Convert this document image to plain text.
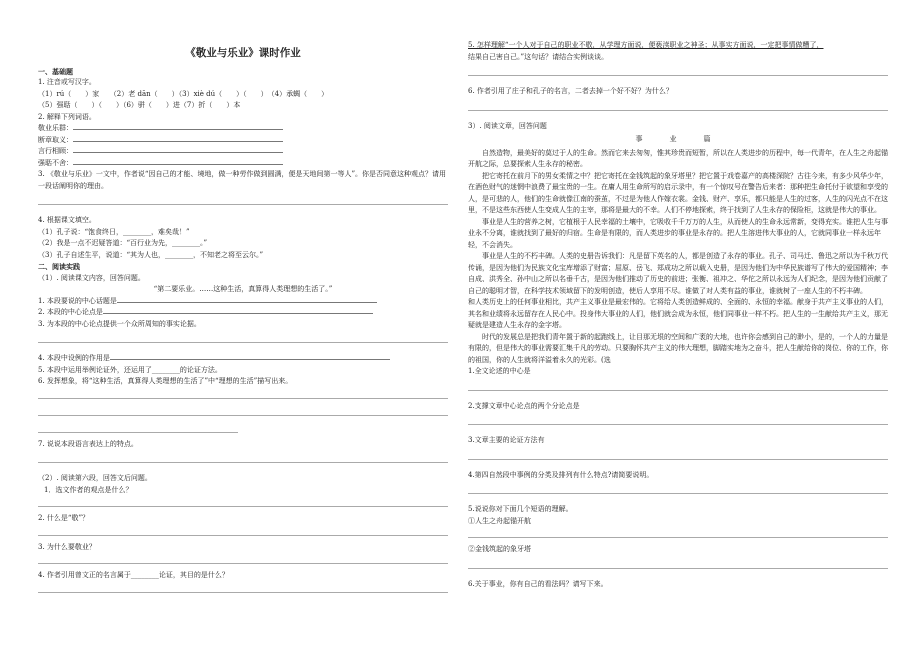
《敬业与乐业》课时作业
一、基础题
1. 注音或写汉字。
（1）rú（　　）家　　（2）老 dān（　　）（3）xiè dú（　　）（　　）　（4）承蜩（　　）
（5）强聒（　　）（　　）（6）骈（　　）进（7）折（　　）本
2. 解释下列词语。
敬业乐群：
断章取义：
言行相顾：
强聒不舍：
3. 《敬业与乐业》一文中，作者说“因自己的才能、境地，做一种劳作做到圆满，便是天地间第一等人”。你是否同意这种观点？请用一段话阐明你的理由。
4. 根据课文填空。
（1）孔子说：“饱食终日，________，难矣哉！”
（2）我是一点不迟疑答道：“百行业为先，________。”
（3）孔子自述生平，说道：“其为人也，________，不知老之将至云尔。”
二、阅读实践
（1）. 阅读课文内容，回答问题。
“第二要乐业。……这种生活，真算得人类理想的生活了。”
1. 本段要说的中心话题是
2. 本段的中心论点是
3. 为本段的中心论点提供一个众所周知的事实论据。
4. 本段中设例的作用是
5. 本段中运用举例论证外，还运用了________的论证方法。
6. 发挥想象，将“这种生活，真算得人类理想的生活了”中“理想的生活”描写出来。
7. 说说本段语言表达上的特点。
（2）. 阅读第六段，回答文后问题。
1．选文作者的观点是什么？
2. 什么是“敬”？
3. 为什么要敬业？
4. 作者引用曾文正的名言属于________论证，其目的是什么？
5. 怎样理解“一个人对于自己的职业不敬，从学理方面说，便亵渎职业之神圣；从事实方面说，一定把事情做糟了，
结果自己害自己。”这句话？请结合实例谈谈。
6. 作者引用了庄子和孔子的名言，二者去掉一个好不好？为什么？
3）. 阅读文章，回答问题
事　业　篇
自然造物，最美好的莫过于人的生命。然而它来去匆匆，惟其珍贵而短暂，所以在人类进步的历程中，每一代青年，在人生之舟起锚开航之际，总要探索人生永存的秘密。
把它寄托在前月下的男女柔情之中？把它寄托在金钱筑起的象牙塔里？把它置于戏卷嘉产的高楼深院？古往今来，有多少风华少年，在酒色财气的迷惘中浪费了最宝贵的一生。在庸人用生命所写的启示录中，有一个惊叹号在警告后来者：那种把生命托付于欲望和享受的人，是可悲的人，他们的生命就像江南的蚕茧，不过是为他人作嫁衣裳。金钱、财产、享乐，都只能是人生的过客，人生的闪光点不在这里，不是这些东西使人生变成人生的主宰，那将是最大的不幸。人们不停地探索，终于找到了人生永存的保险柜，这就是伟大的事业。
事业是人生的营养之树，它植根于人民幸福的土壤中，它吸收千千万万的人生，从而使人的生命永远常新，变得充实。谁把人生与事业永不分离，谁就找到了最好的归宿。生命是有限的，而人类进步的事业是永存的。把人生溶进伟大事业的人，它就同事业一样永远年轻，不会消失。
事业是人生的不朽丰碑。人类的史册告诉我们：凡是留下英名的人，都是创造了永存的事业。孔子、司马迁、鲁迅之所以为千秋万代传诵，是因为他们为民族文化宝库增添了财富；屈原、岳飞、郑成功之所以载入史册，是因为他们为中华民族谱写了伟大的爱国精神；李自成、洪秀全、孙中山之所以名垂千古，是因为他们推动了历史的前进；张衡、祖冲之、华佗之所以永远为人们纪念，是因为他们贡献了自己的聪明才智，在科学技术领域留下的发明创造，使后人享用不尽。谁做了对人类有益的事业，谁就树了一座人生的不朽丰碑。
和人类历史上的任何事业相比，共产主义事业是最宏伟的。它将给人类创造鲜成的、全面的、永恒的幸福。献身于共产主义事业的人们，其名和业绩将永远留存在人民心中。投身伟大事业的人们，他们就会成为永恒，他们同事业一样不朽。把人生的一生献给共产主义，那无疑就是建造人生永存的金字塔。
时代的发展总是把我们青年置于新的起跑线上，让目那无垠的空间和广袤的大地，也许你会感到自己的渺小，是的，一个人的力量是有限的，但是伟大的事业需要汇集千凡的劳动。只要胸怀共产主义的伟大理想，脚踏实地为之奋斗，把人生献给你的岗位、你的工作，你的祖国，你的人生就将洋溢着永久的光彩。(选
1.全文论述的中心是
2.支撑文章中心论点的两个分论点是
3.文章主要的论证方法有
4.第四自然段中事例的分类及排列有什么特点?请简要说明。
5.说说你对下面几个短语的理解。
①人生之舟起锚开航
②金钱筑起的象牙塔
6.关于事业，你有自己的看法吗？请写下来。
